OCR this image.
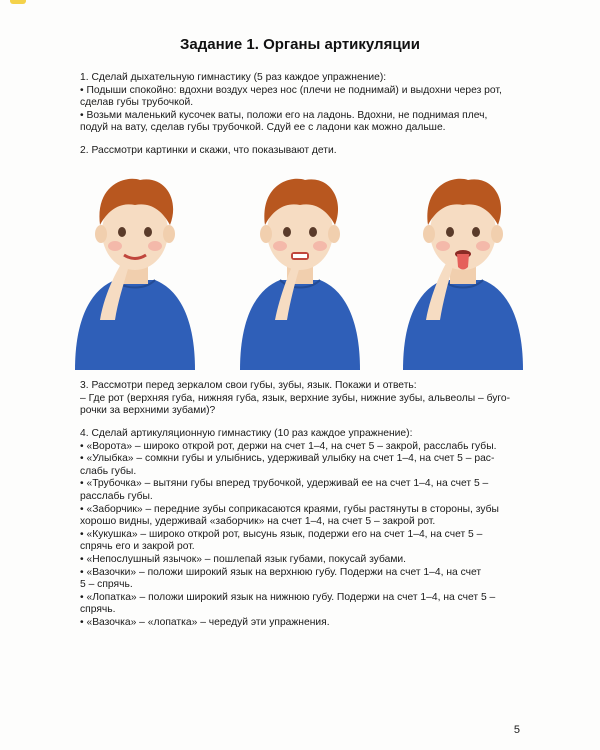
Задание 1. Органы артикуляции
1. Сделай дыхательную гимнастику (5 раз каждое упражнение):
• Подыши спокойно: вдохни воздух через нос (плечи не поднимай) и выдохни через рот,
сделав губы трубочкой.
• Возьми маленький кусочек ваты, положи его на ладонь. Вдохни, не поднимая плеч,
подуй на вату, сделав губы трубочкой. Сдуй ее с ладони как можно дальше.
2. Рассмотри картинки и скажи, что показывают дети.
3. Рассмотри перед зеркалом свои губы, зубы, язык. Покажи и ответь:
– Где рот (верхняя губа, нижняя губа, язык, верхние зубы, нижние зубы, альвеолы – буго-
рочки за верхними зубами)?
4. Сделай артикуляционную гимнастику (10 раз каждое упражнение):
• «Ворота» – широко открой рот, держи на счет 1–4, на счет 5 – закрой, расслабь губы.
• «Улыбка» – сомкни губы и улыбнись, удерживай улыбку на счет 1–4, на счет 5 – рас-
слабь губы.
• «Трубочка» – вытяни губы вперед трубочкой, удерживай ее на счет 1–4, на счет 5 –
расслабь губы.
• «Заборчик» – передние зубы соприкасаются краями, губы растянуты в стороны, зубы
хорошо видны, удерживай «заборчик» на счет 1–4, на счет 5 – закрой рот.
• «Кукушка» – широко открой рот, высунь язык, подержи его на счет 1–4, на счет 5 –
спрячь его и закрой рот.
• «Непослушный язычок» – пошлепай язык губами, покусай зубами.
• «Вазочки» – положи широкий язык на верхнюю губу. Подержи на счет 1–4, на счет
5 – спрячь.
• «Лопатка» – положи широкий язык на нижнюю губу. Подержи на счет 1–4, на счет 5 –
спрячь.
• «Вазочка» – «лопатка» – чередуй эти упражнения.
5
